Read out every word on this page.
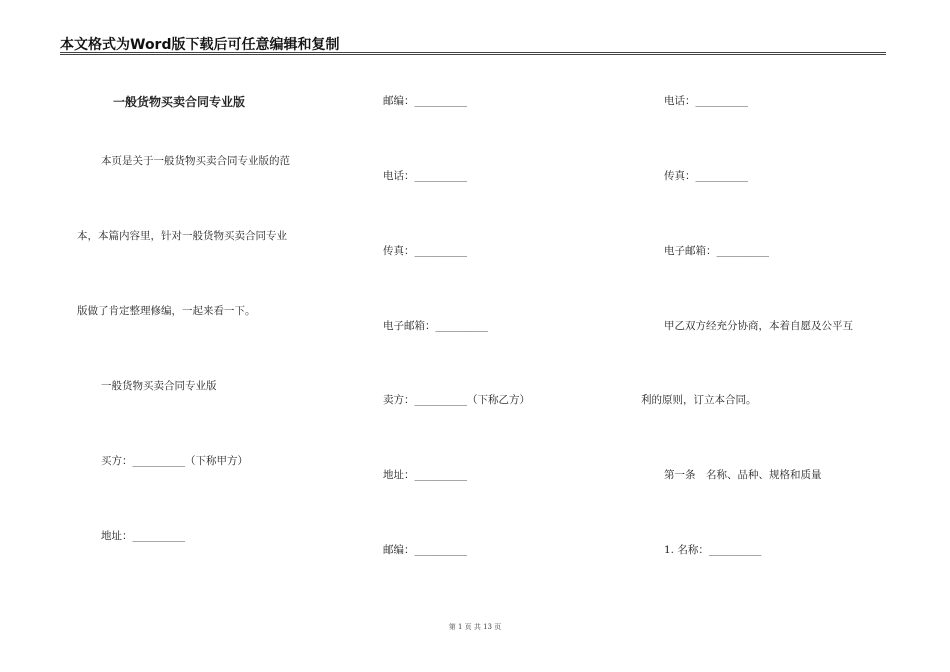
本文格式为Word版下载后可任意编辑和复制
一般货物买卖合同专业版
本页是关于一般货物买卖合同专业版的范
本，本篇内容里，针对一般货物买卖合同专业
版做了肯定整理修编，一起来看一下。
一般货物买卖合同专业版
买方：__________（下称甲方）
地址：__________
邮编：__________
电话：__________
传真：__________
电子邮箱：__________
卖方：__________（下称乙方）
地址：__________
邮编：__________
电话：__________
传真：__________
电子邮箱：__________
甲乙双方经充分协商，本着自愿及公平互
利的原则，订立本合同。
第一条　名称、品种、规格和质量
1. 名称：__________
第 1 页 共 13 页
